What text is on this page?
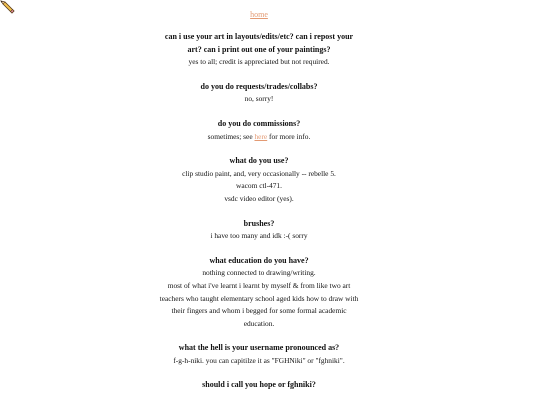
home
can i use your art in layouts/edits/etc? can i repost your art? can i print out one of your paintings?

yes to all; credit is appreciated but not required.

do you do requests/trades/collabs?

no, sorry!

do you do commissions?

sometimes; see here for more info.

what do you use?

clip studio paint, and, very occasionally -- rebelle 5.

wacom ctl-471.

vsdc video editor (yes).

brushes?

i have too many and idk :-( sorry

what education do you have?

nothing connected to drawing/writing.

most of what i've learnt i learnt by myself & from like two art teachers who taught elementary school aged kids how to draw with their fingers and whom i begged for some formal academic education.

what the hell is your username pronounced as?

f-g-h-niki. you can capitilze it as "FGHNiki" or "fghniki".

should i call you hope or fghniki?
